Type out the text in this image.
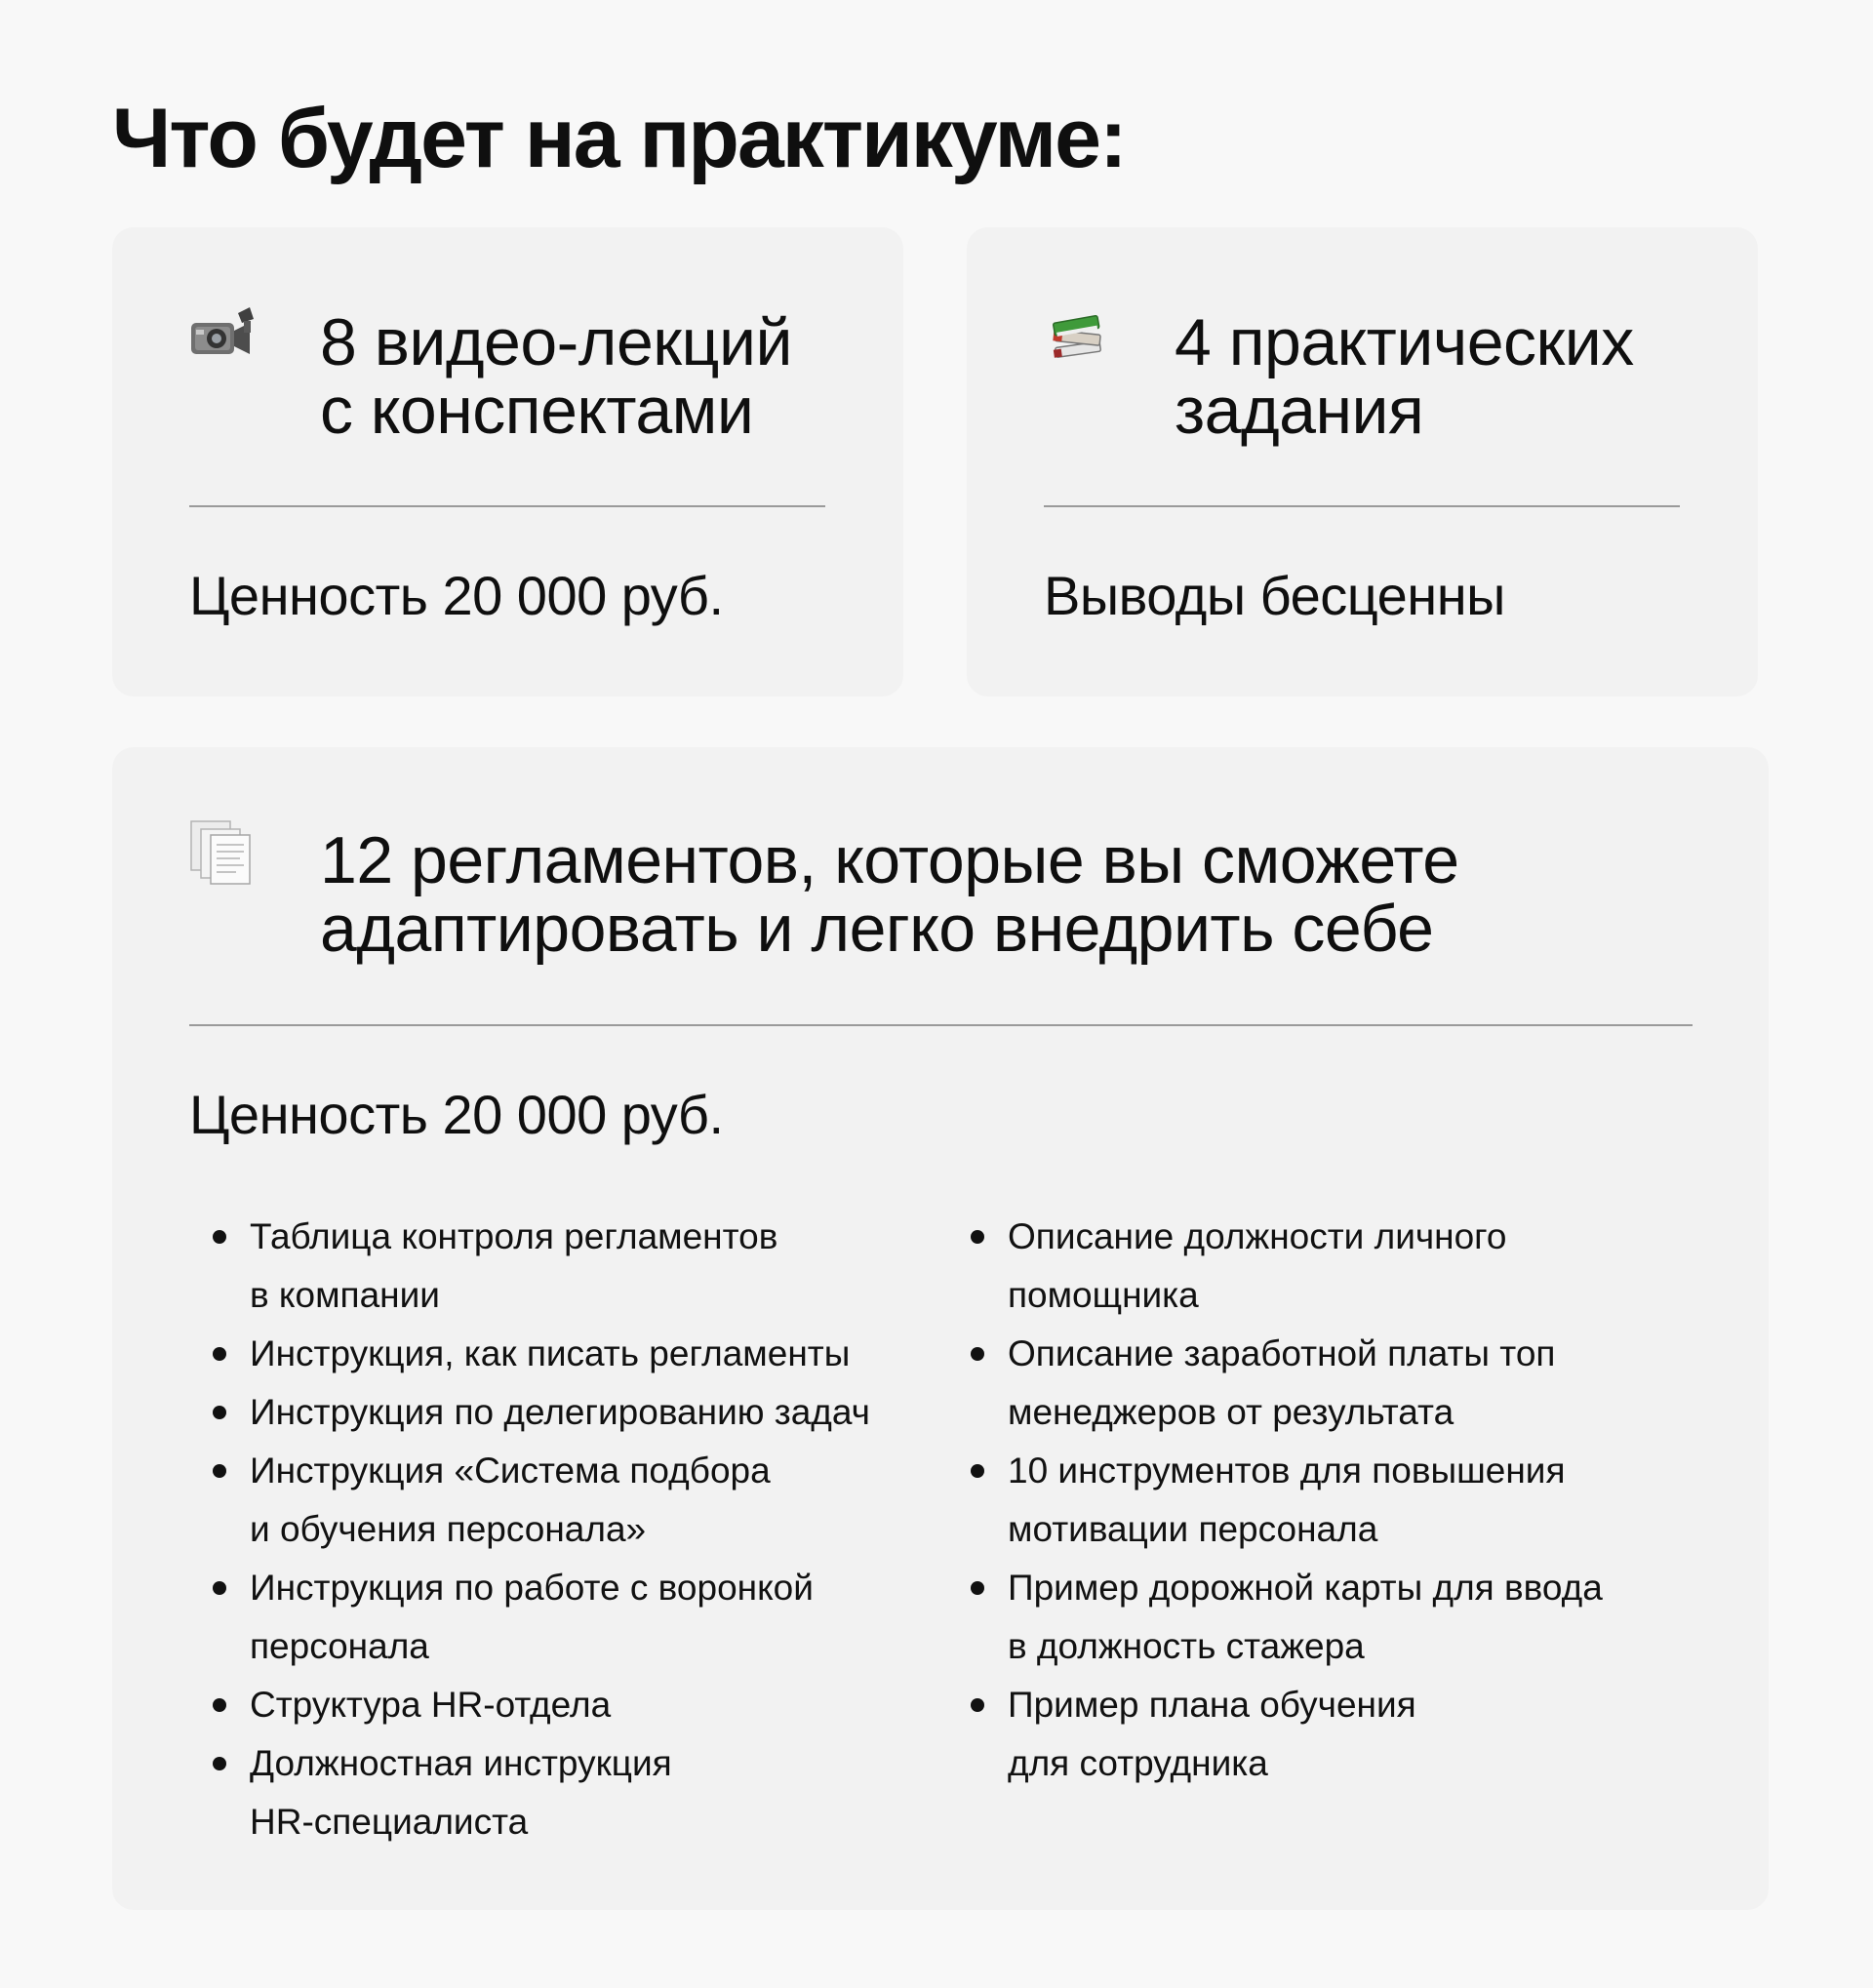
Что будет на практикуме:
8 видео-лекций
с конспектами
Ценность 20 000 руб.
4 практических
задания
Выводы бесценны
12 регламентов, которые вы сможете
адаптировать и легко внедрить себе
Ценность 20 000 руб.
Таблица контроля регламентов
в компании
Инструкция, как писать регламенты
Инструкция по делегированию задач
Инструкция «Система подбора
и обучения персонала»
Инструкция по работе с воронкой
персонала
Структура HR-отдела
Должностная инструкция
HR-специалиста
Описание должности личного
помощника
Описание заработной платы топ
менеджеров от результата
10 инструментов для повышения
мотивации персонала
Пример дорожной карты для ввода
в должность стажера
Пример плана обучения
для сотрудника
